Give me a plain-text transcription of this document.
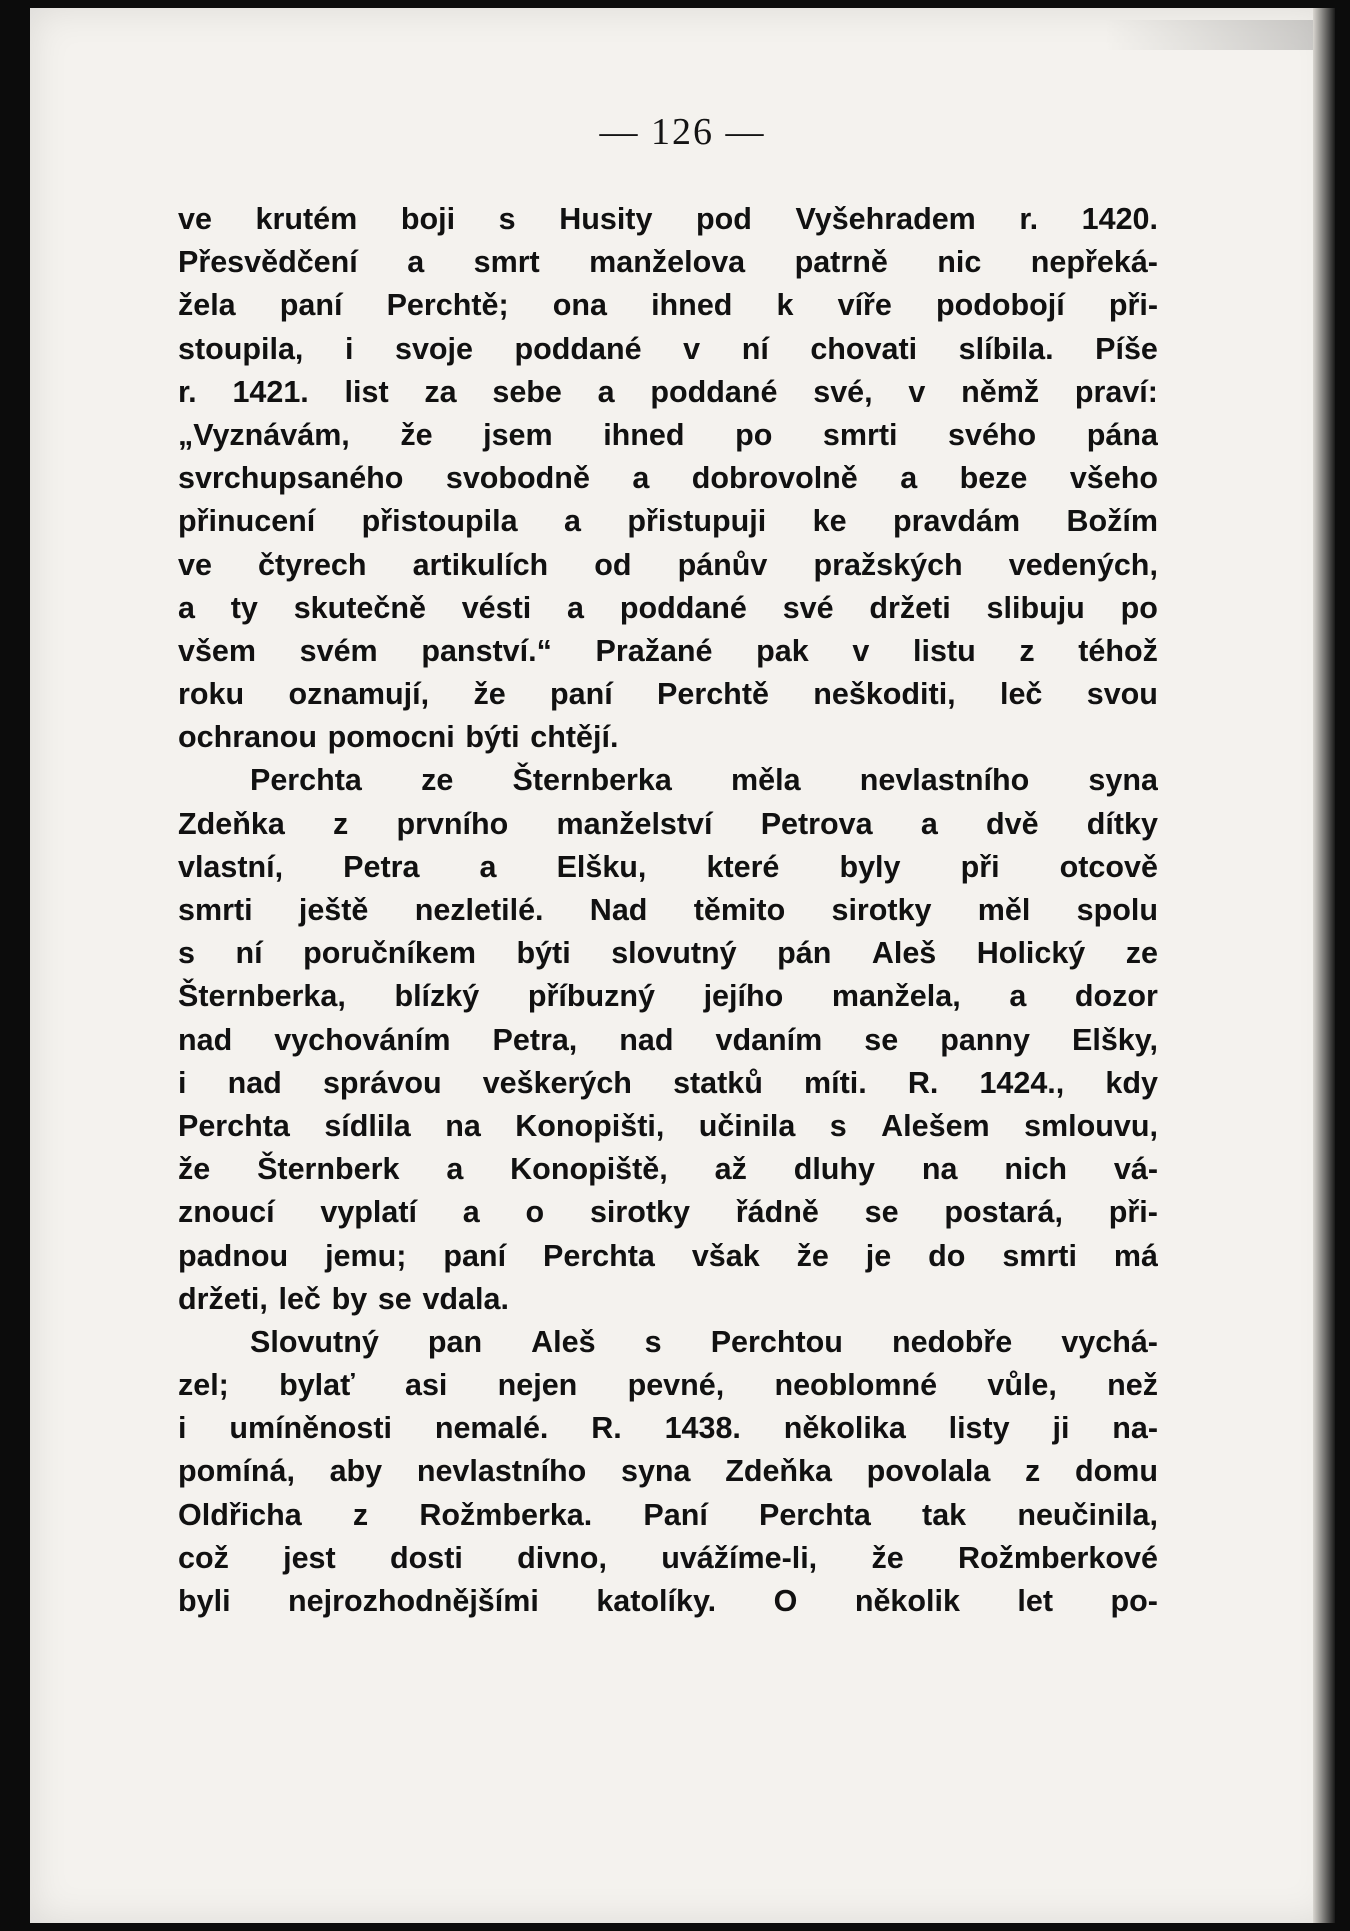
— 126 —
ve krutém boji s Husity pod Vyšehradem r. 1420.
Přesvědčení a smrt manželova patrně nic nepřeká-
žela paní Perchtě; ona ihned k víře podobojí při-
stoupila, i svoje poddané v ní chovati slíbila. Píše
r. 1421. list za sebe a poddané své, v němž praví:
„Vyznávám, že jsem ihned po smrti svého pána
svrchupsaného svobodně a dobrovolně a beze všeho
přinucení přistoupila a přistupuji ke pravdám Božím
ve čtyrech artikulích od pánův pražských vedených,
a ty skutečně vésti a poddané své držeti slibuju po
všem svém panství.“ Pražané pak v listu z téhož
roku oznamují, že paní Perchtě neškoditi, leč svou
ochranou pomocni býti chtějí.
Perchta ze Šternberka měla nevlastního syna
Zdeňka z prvního manželství Petrova a dvě dítky
vlastní, Petra a Elšku, které byly při otcově
smrti ještě nezletilé. Nad těmito sirotky měl spolu
s ní poručníkem býti slovutný pán Aleš Holický ze
Šternberka, blízký příbuzný jejího manžela, a dozor
nad vychováním Petra, nad vdaním se panny Elšky,
i nad správou veškerých statků míti. R. 1424., kdy
Perchta sídlila na Konopišti, učinila s Alešem smlouvu,
že Šternberk a Konopiště, až dluhy na nich vá-
znoucí vyplatí a o sirotky řádně se postará, při-
padnou jemu; paní Perchta však že je do smrti má
držeti, leč by se vdala.
Slovutný pan Aleš s Perchtou nedobře vychá-
zel; bylať asi nejen pevné, neoblomné vůle, než
i umíněnosti nemalé. R. 1438. několika listy ji na-
pomíná, aby nevlastního syna Zdeňka povolala z domu
Oldřicha z Rožmberka. Paní Perchta tak neučinila,
což jest dosti divno, uvážíme-li, že Rožmberkové
byli nejrozhodnějšími katolíky. O několik let po-
